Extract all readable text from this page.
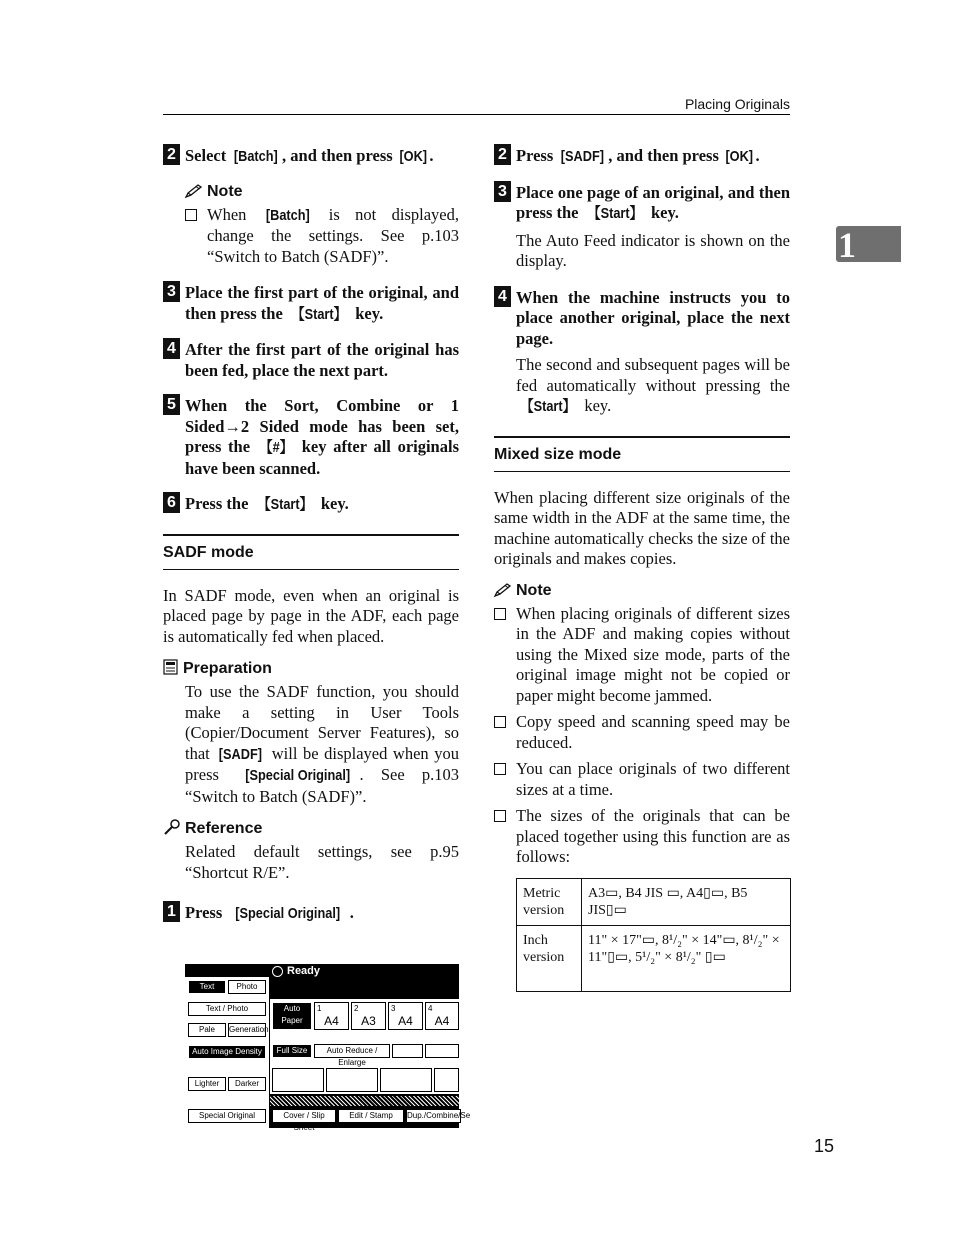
Placing Originals
1
15
2 Select [Batch] , and then press [OK] .
Note
When [Batch] is not displayed, change the settings. See p.103 “Switch to Batch (SADF)”.
3 Place the first part of the original, and then press the 【Start】 key.
4 After the first part of the original has been fed, place the next part.
5 When the Sort, Combine or 1 Sided→2 Sided mode has been set, press the 【#】 key after all originals have been scanned.
6 Press the 【Start】 key.
SADF mode
In SADF mode, even when an original is placed page by page in the ADF, each page is automatically fed when placed.
Preparation
To use the SADF function, you should make a setting in User Tools (Copier/Document Server Features), so that [SADF] will be displayed when you press [Special Original] . See p.103 “Switch to Batch (SADF)”.
Reference
Related default settings, see p.95 “Shortcut R/E”.
1 Press [Special Original] .
Ready
Text	Photo
Text / Photo
Pale	Generation
Auto Image Density
Lighter	Darker
Special Original
Auto Paper Select
1
A4
2
A3
3
A4
4
A4
Full Size	Auto Reduce / Enlarge
Cover / Slip Sheet
Edit / Stamp	Dup./Combine/Se
2 Press [SADF] , and then press [OK] .
3 Place one page of an original, and then press the 【Start】 key.
The Auto Feed indicator is shown on the display.
4 When the machine instructs you to place another original, place the next page.
The second and subsequent pages will be fed automatically without pressing the 【Start】 key.
Mixed size mode
When placing different size originals of the same width in the ADF at the same time, the machine automatically checks the size of the originals and makes copies.
Note
When placing originals of different sizes in the ADF and making copies without using the Mixed size mode, parts of the original image might not be copied or paper might become jammed.
Copy speed and scanning speed may be reduced.
You can place originals of two different sizes at a time.
The sizes of the originals that can be placed together using this function are as follows:
Metric version	A3▭, B4 JIS ▭, A4▯▭, B5 JIS▯▭
Inch version	11" × 17"▭, 8¹/₂" × 14"▭, 8¹/₂" × 11"▯▭, 5¹/₂" × 8¹/₂" ▯▭
